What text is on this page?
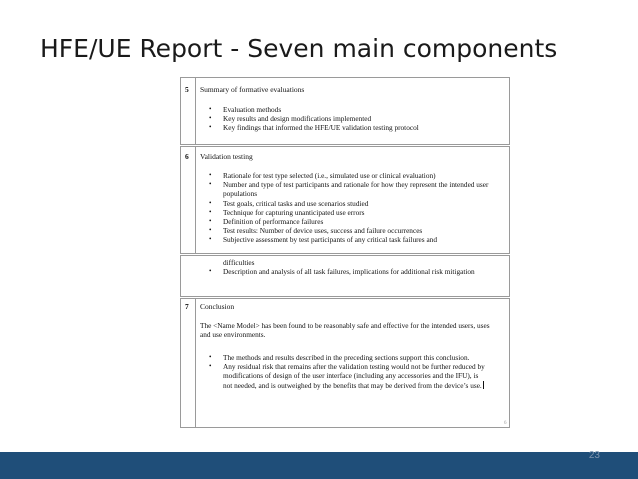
HFE/UE Report - Seven main components
5 Summary of formative evaluations
• Evaluation methods
• Key results and design modifications implemented
• Key findings that informed the HFE/UE validation testing protocol
6 Validation testing
• Rationale for test type selected (i.e., simulated use or clinical evaluation)
• Number and type of test participants and rationale for how they represent the intended user populations
• Test goals, critical tasks and use scenarios studied
• Technique for capturing unanticipated use errors
• Definition of performance failures
• Test results: Number of device uses, success and failure occurrences
• Subjective assessment by test participants of any critical task failures and
difficulties
• Description and analysis of all task failures, implications for additional risk mitigation
7 Conclusion
The <Name Model> has been found to be reasonably safe and effective for the intended users, uses and use environments.
• The methods and results described in the preceding sections support this conclusion.
• Any residual risk that remains after the validation testing would not be further reduced by modifications of design of the user interface (including any accessories and the IFU), is not needed, and is outweighed by the benefits that may be derived from the device’s use.
6
23
